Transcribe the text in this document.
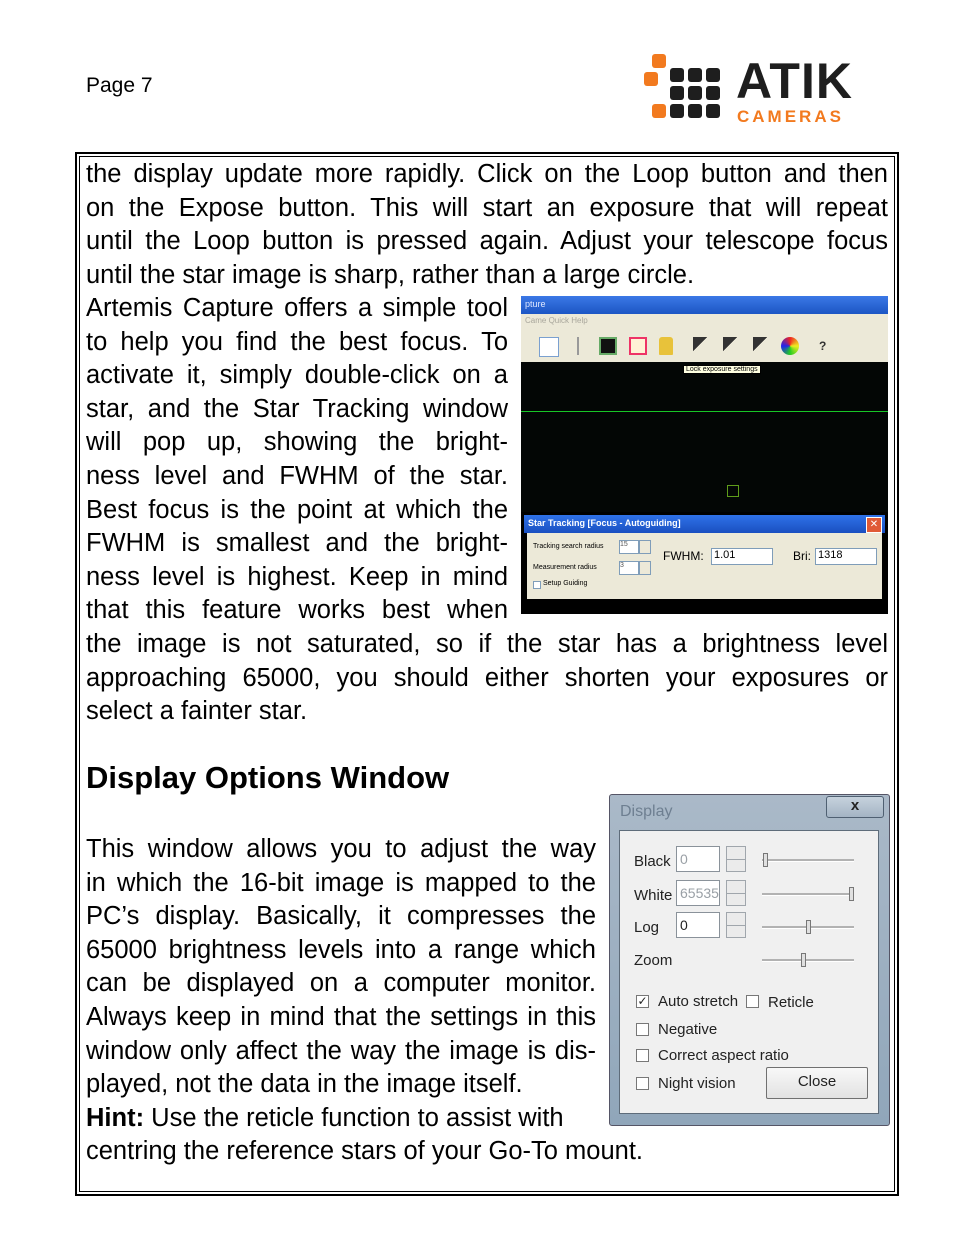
Page 7	ATIK
CAMERAS
the display update more rapidly. Click on the Loop button and then
on the Expose button. This will start an exposure that will repeat
until the Loop button is pressed again. Adjust your telescope focus
until the star image is sharp, rather than a large circle.
Artemis Capture offers a simple tool
to help you find the best focus. To
activate it, simply double-click on a
star, and the Star Tracking window
will pop up, showing the bright-
ness level and FWHM of the star.
Best focus is the point at which the
FWHM is smallest and the bright-
ness level is highest. Keep in mind
that this feature works best when
the image is not saturated, so if the star has a brightness level
approaching 65000, you should either shorten your exposures or
select a fainter star.
Display Options Window
This window allows you to adjust the way
in which the 16-bit image is mapped to the
PC’s display. Basically, it compresses the
65000 brightness levels into a range which
can be displayed on a computer monitor.
Always keep in mind that the settings in this
window only affect the way the image is dis-
played, not the data in the image itself.
Hint: Use the reticle function to assist with
centring the reference stars of your Go-To mount.
pture
Came Quick Help
?
Lock exposure settings
Star Tracking [Focus - Autoguiding]	✕
Tracking search radius 15
Measurement radius	3
Setup Guiding
FWHM: 1.01	Bri: 1318
Display	x
Black 0
White 65535
Log 0
Zoom
✓ Auto stretch Reticle
Negative
Correct aspect ratio
Night vision	Close
